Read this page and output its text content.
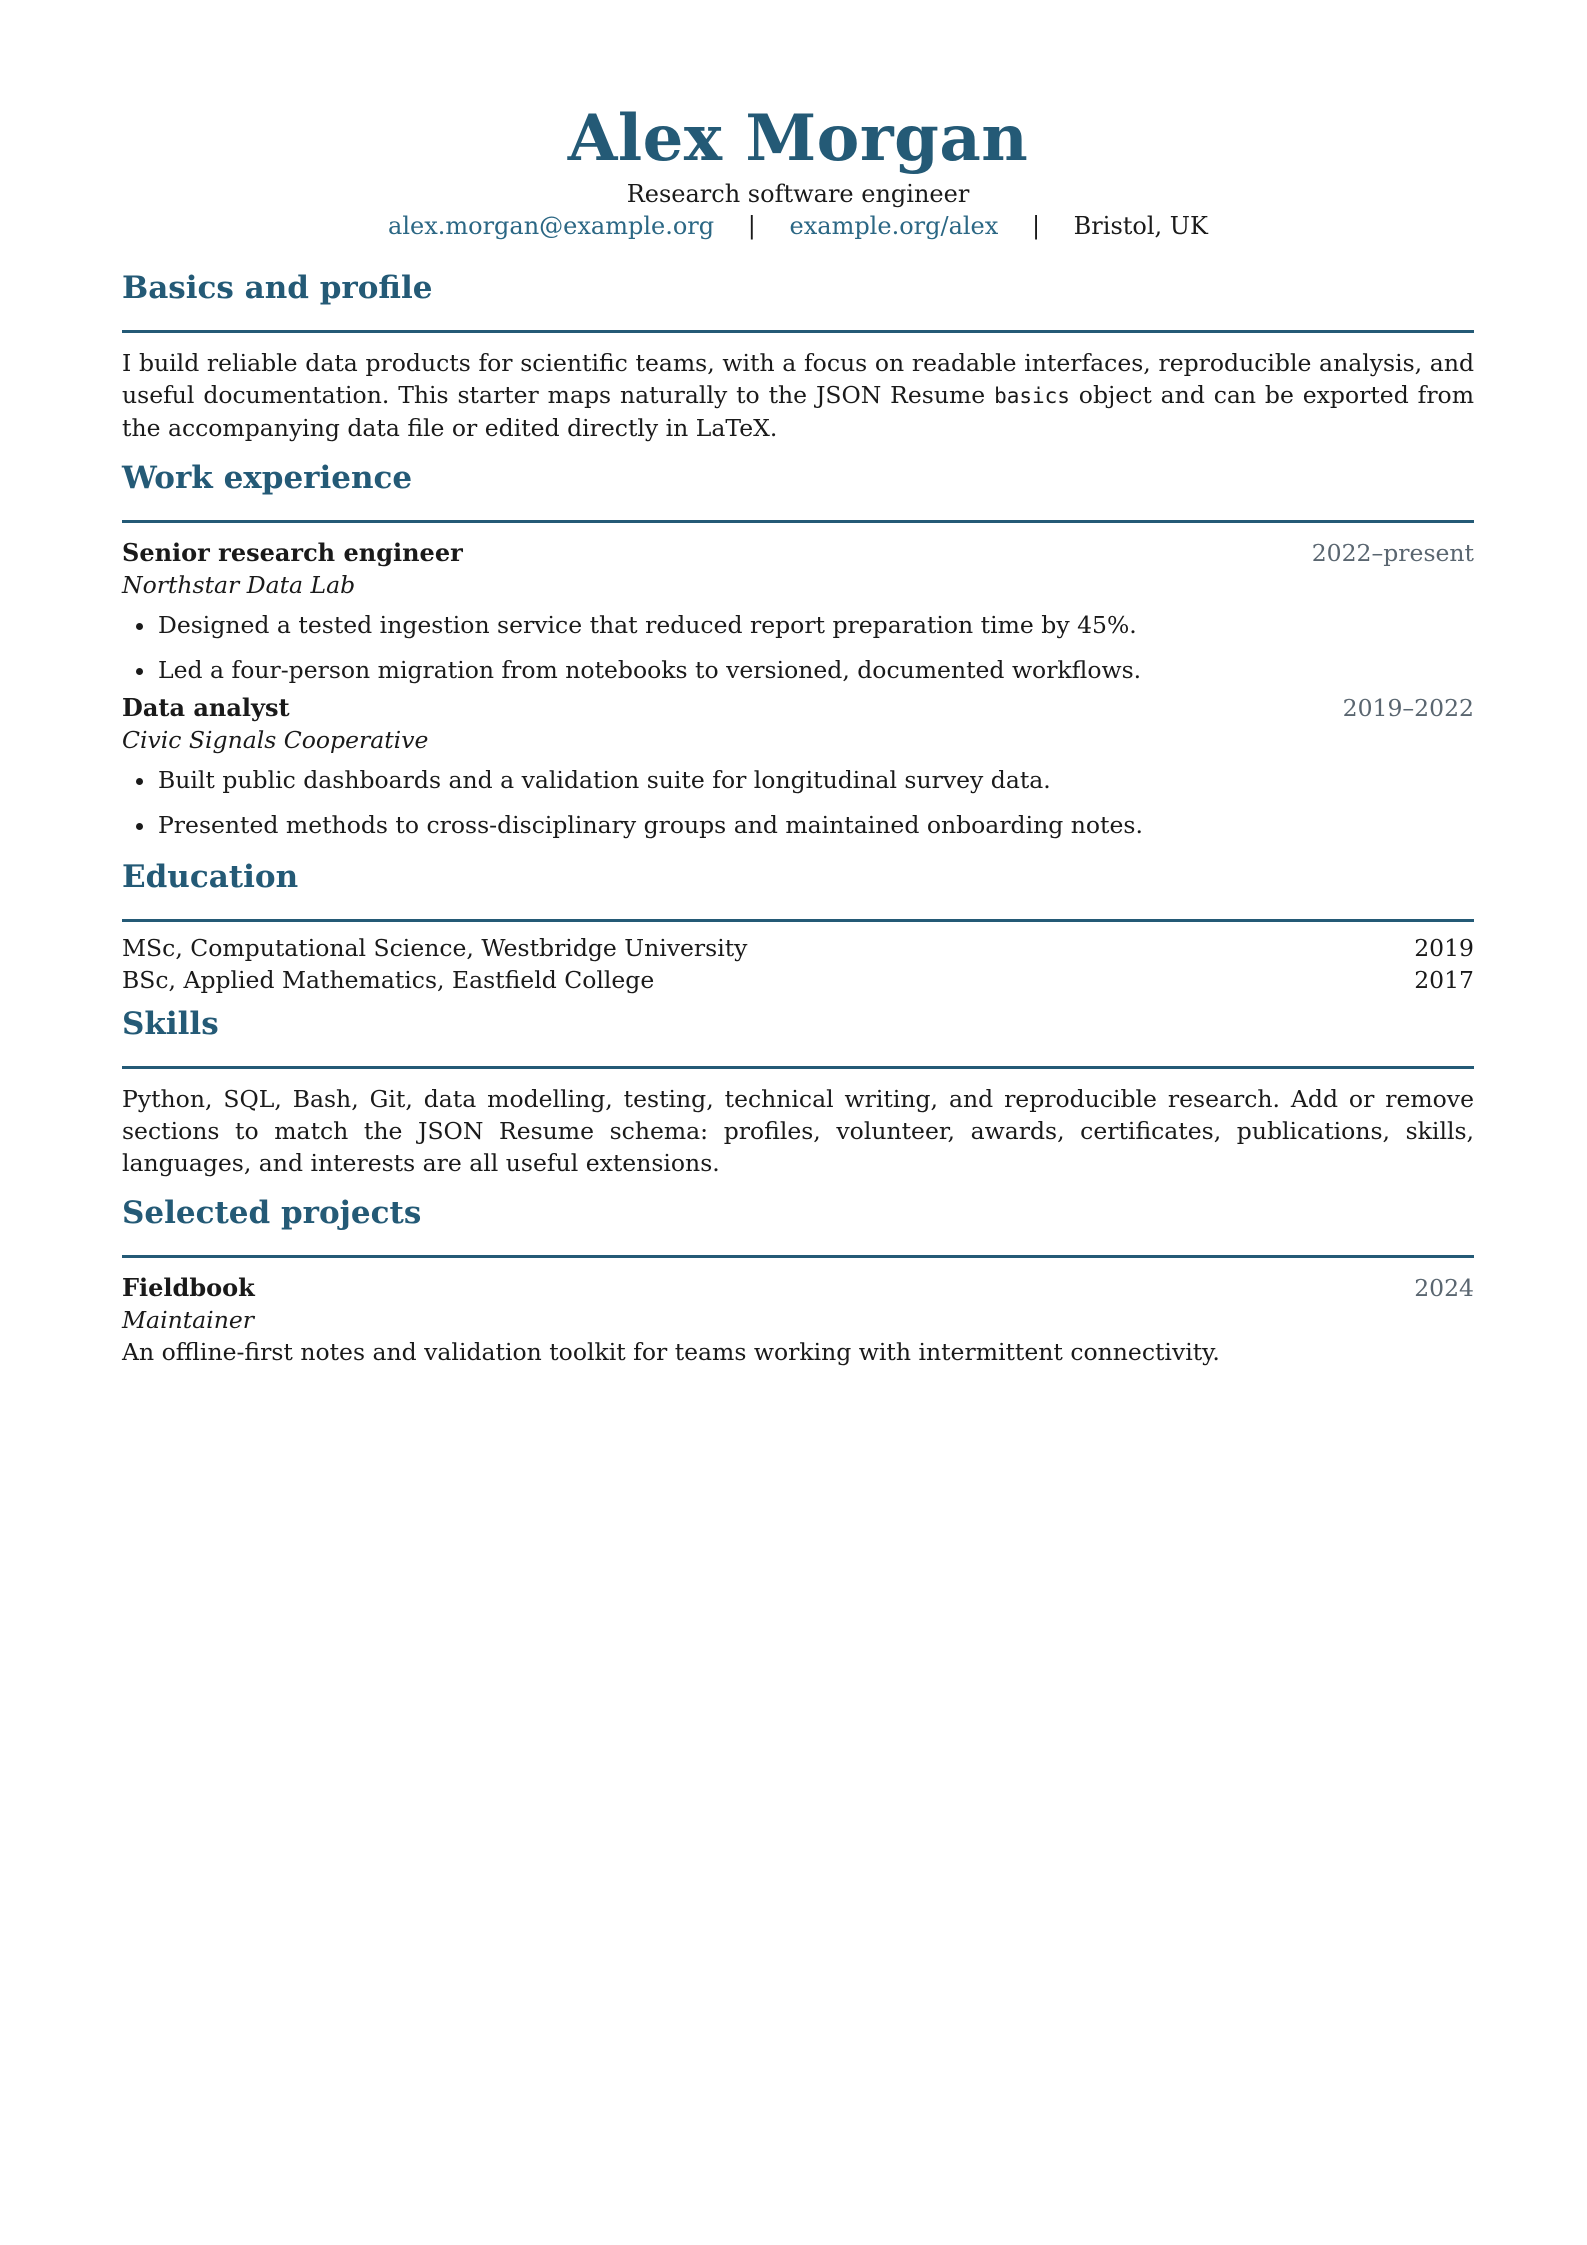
Alex Morgan
Research software engineer
alex.morgan@example.org | example.org/alex | Bristol, UK
Basics and profile

I build reliable data products for scientific teams, with a focus on readable interfaces, reproducible analysis, and useful documentation. This starter maps naturally to the JSON Resume basics object and can be exported from the accompanying data file or edited directly in LaTeX.

Work experience
Senior research engineer	2022–present
Northstar Data Lab
Designed a tested ingestion service that reduced report preparation time by 45%.
Led a four-person migration from notebooks to versioned, documented workflows.
Data analyst	2019–2022
Civic Signals Cooperative
Built public dashboards and a validation suite for longitudinal survey data.
Presented methods to cross-disciplinary groups and maintained onboarding notes.
Education
MSc, Computational Science, Westbridge University	2019
BSc, Applied Mathematics, Eastfield College	2017
Skills

Python, SQL, Bash, Git, data modelling, testing, technical writing, and reproducible research. Add or remove sections to match the JSON Resume schema: profiles, volunteer, awards, certificates, publications, skills, languages, and interests are all useful extensions.

Selected projects
Fieldbook	2024
Maintainer
An offline-first notes and validation toolkit for teams working with intermittent connectivity.
